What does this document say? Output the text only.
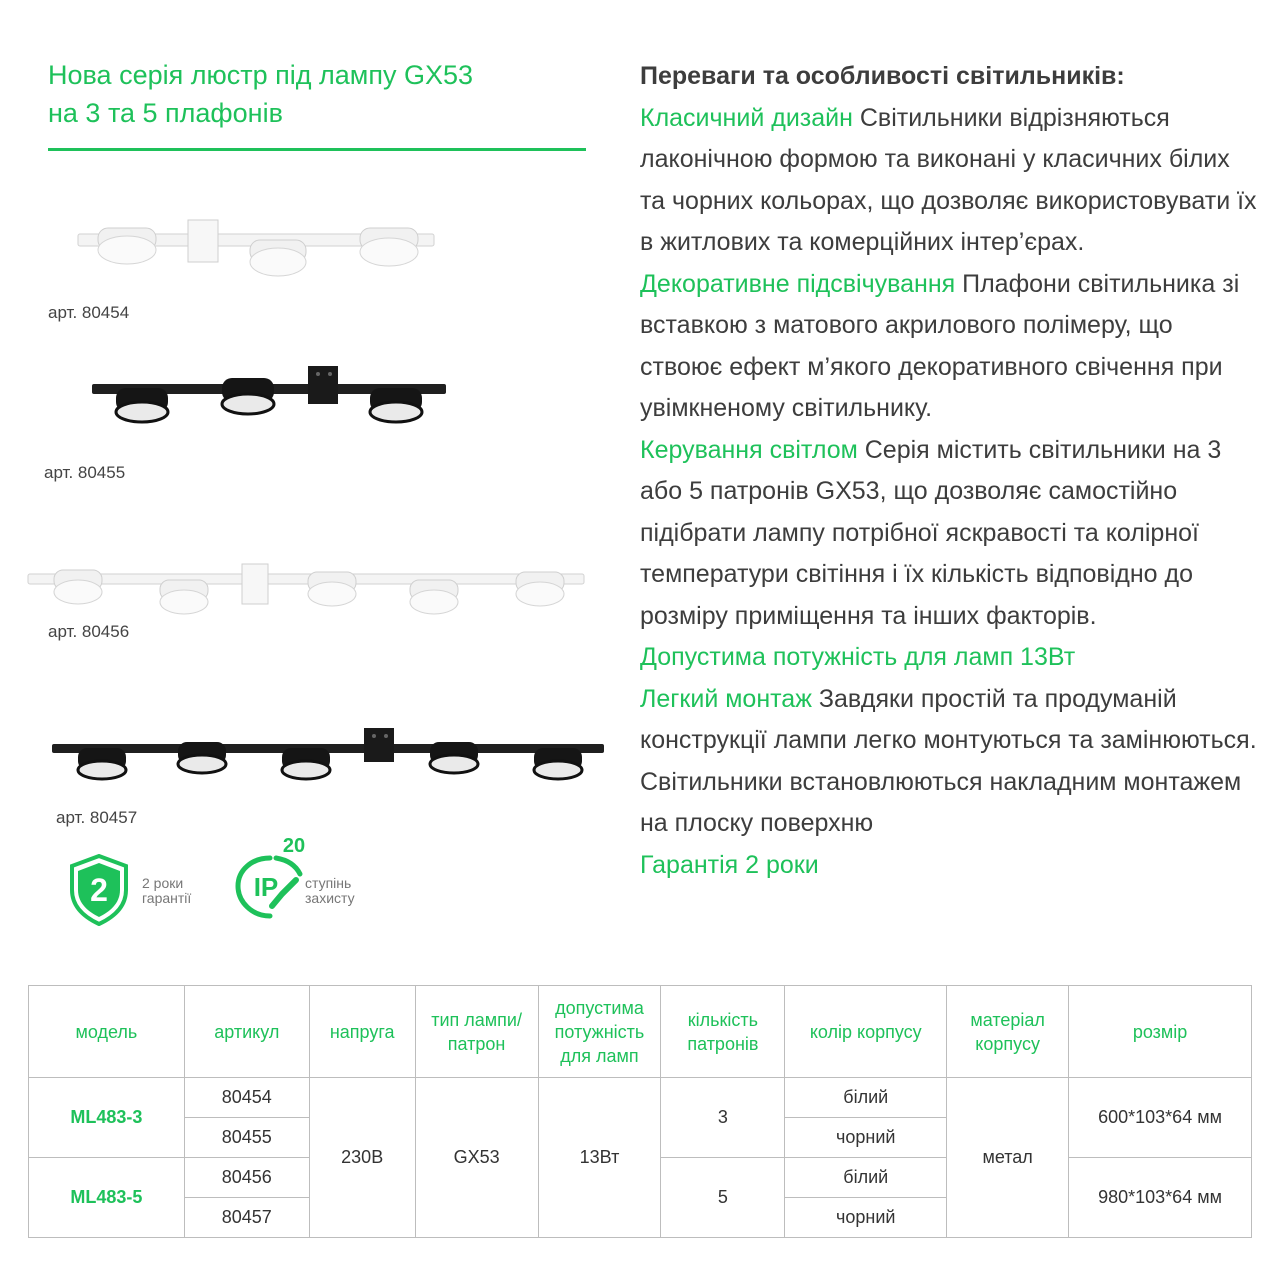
Нова серія люстр під лампу GX53
на 3 та 5 плафонів
арт. 80454
арт. 80455
арт. 80456
арт. 80457
2 2 роки
гарантії
20
IP ступінь
захисту
Переваги та особливості світильників:
Класичний дизайн Світильники відрізняються лаконічною формою та виконані у класичних білих та чорних кольорах, що дозволяє використовувати їх в житлових та комерційних інтер’єрах.
Декоративне підсвічування Плафони світильника зі вставкою з матового акрилового полімеру, що ствоює ефект м’якого декоративного свічення при увімкненому світильнику.
Керування світлом Серія містить світильники на 3 або 5 патронів GX53, що дозволяє самостійно підібрати лампу потрібної яскравості та колірної температури світіння і їх кількість відповідно до розміру приміщення та інших факторів.
Допустима потужність для ламп 13Вт
Легкий монтаж Завдяки простій та продуманій конструкції лампи легко монтуються та замінюються. Світильники встановлюються накладним монтажем на плоску поверхню
Гарантія 2 роки
модель	артикул	напруга	тип лампи/ патрон	допустима потужність для ламп	кількість патронів	колір корпусу	матеріал корпусу	розмір
ML483-3	80454	230В	GX53	13Вт	3	білий	метал	600*103*64 мм
	80455					чорний		
ML483-5	80456				5	білий		980*103*64 мм
	80457					чорний		
